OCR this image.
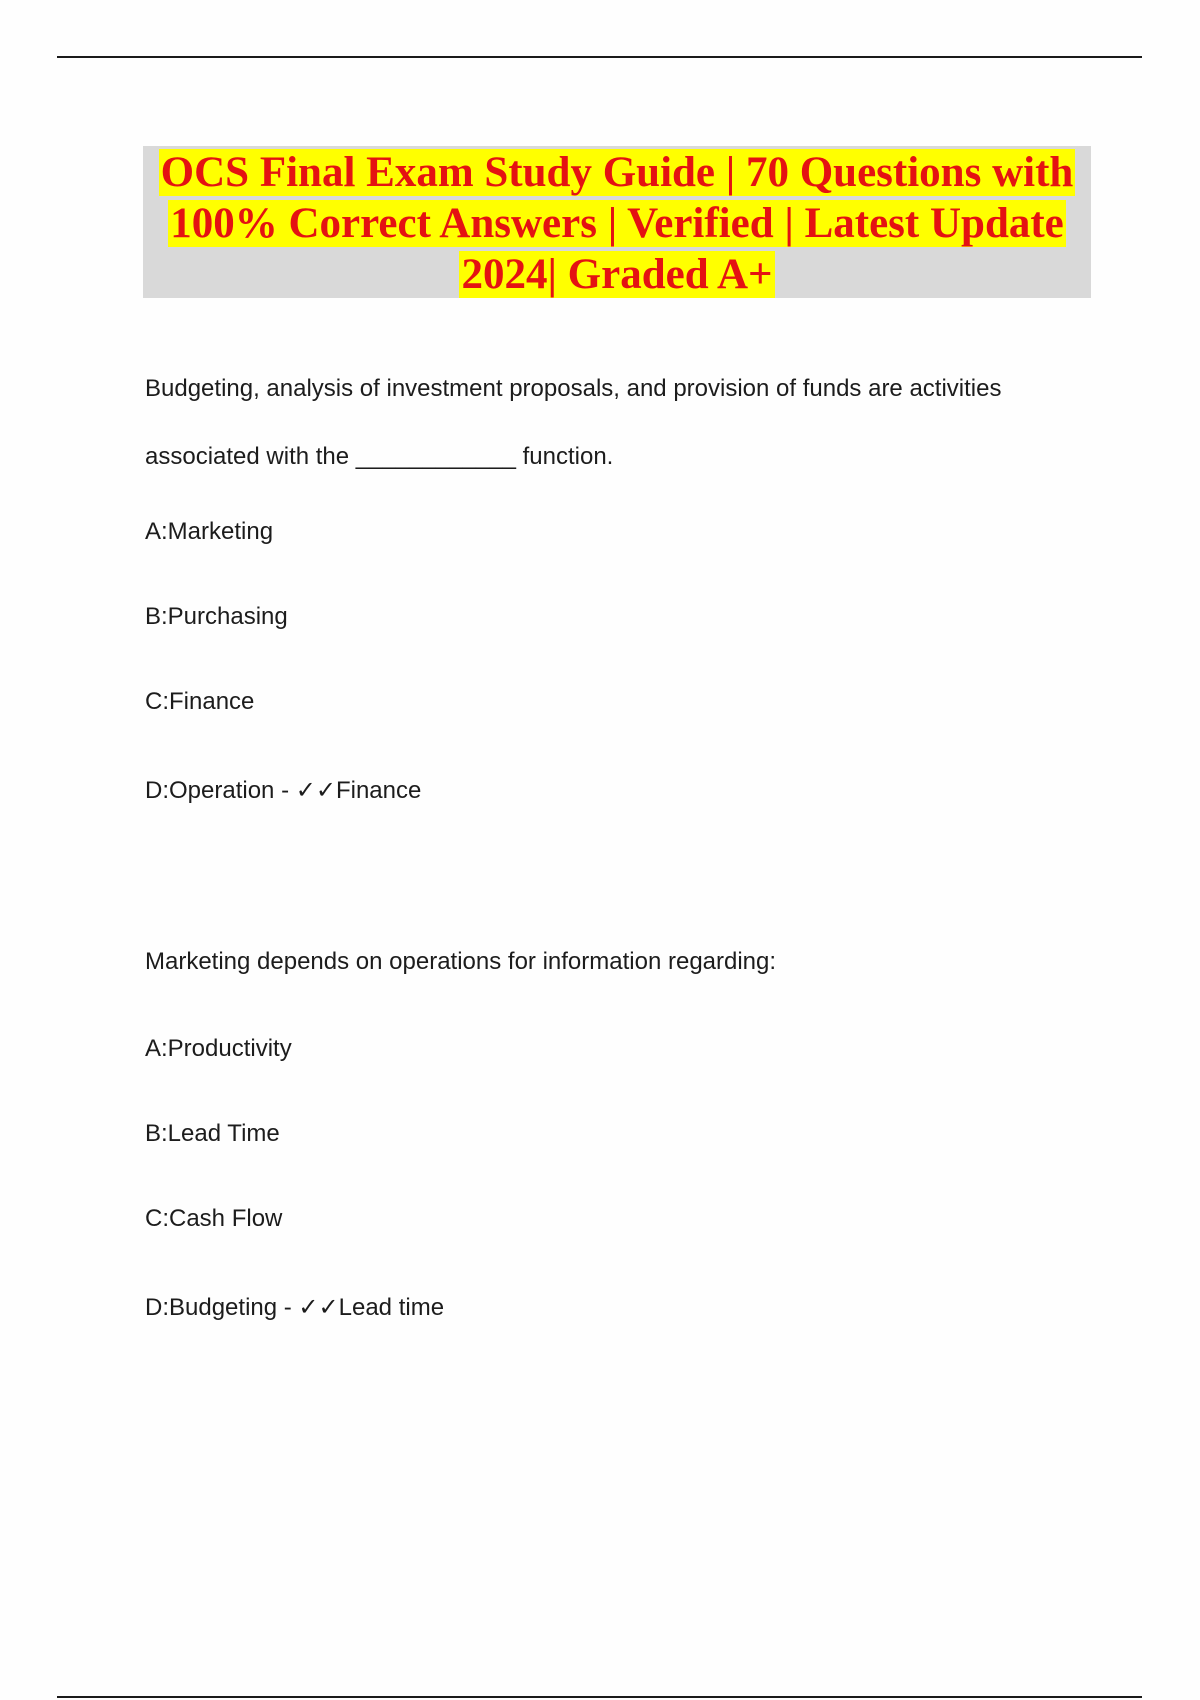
OCS Final Exam Study Guide | 70 Questions with
100% Correct Answers | Verified | Latest Update
2024| Graded A+
Budgeting, analysis of investment proposals, and provision of funds are activities associated with the ____________ function.
A:Marketing
B:Purchasing
C:Finance
D:Operation - ✓✓Finance
Marketing depends on operations for information regarding:
A:Productivity
B:Lead Time
C:Cash Flow
D:Budgeting - ✓✓Lead time
